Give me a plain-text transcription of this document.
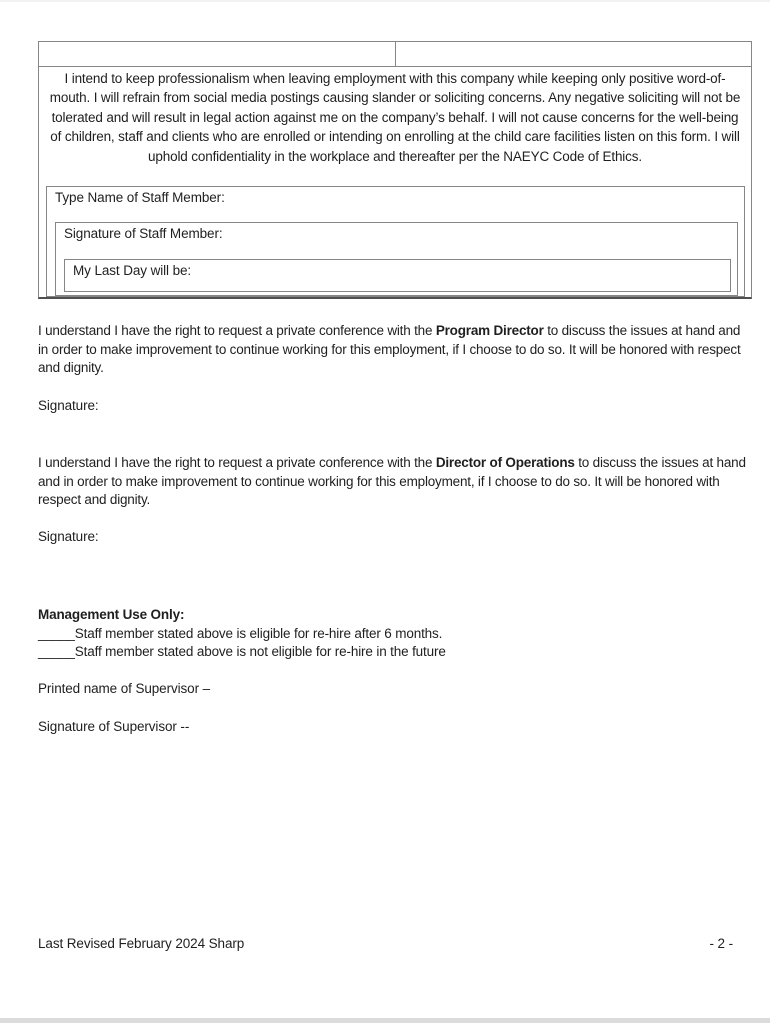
I intend to keep professionalism when leaving employment with this company while keeping only positive word-of-mouth. I will refrain from social media postings causing slander or soliciting concerns. Any negative soliciting will not be tolerated and will result in legal action against me on the company’s behalf. I will not cause concerns for the well-being of children, staff and clients who are enrolled or intending on enrolling at the child care facilities listen on this form. I will uphold confidentiality in the workplace and thereafter per the NAEYC Code of Ethics.
Type Name of Staff Member:
Signature of Staff Member:
My Last Day will be:
I understand I have the right to request a private conference with the Program Director to discuss the issues at hand and in order to make improvement to continue working for this employment, if I choose to do so. It will be honored with respect and dignity.
Signature:
I understand I have the right to request a private conference with the Director of Operations to discuss the issues at hand and in order to make improvement to continue working for this employment, if I choose to do so. It will be honored with respect and dignity.
Signature:
Management Use Only:
_____Staff member stated above is eligible for re-hire after 6 months.
_____Staff member stated above is not eligible for re-hire in the future
Printed name of Supervisor –
Signature of Supervisor --
Last Revised February 2024 Sharp	- 2 -
